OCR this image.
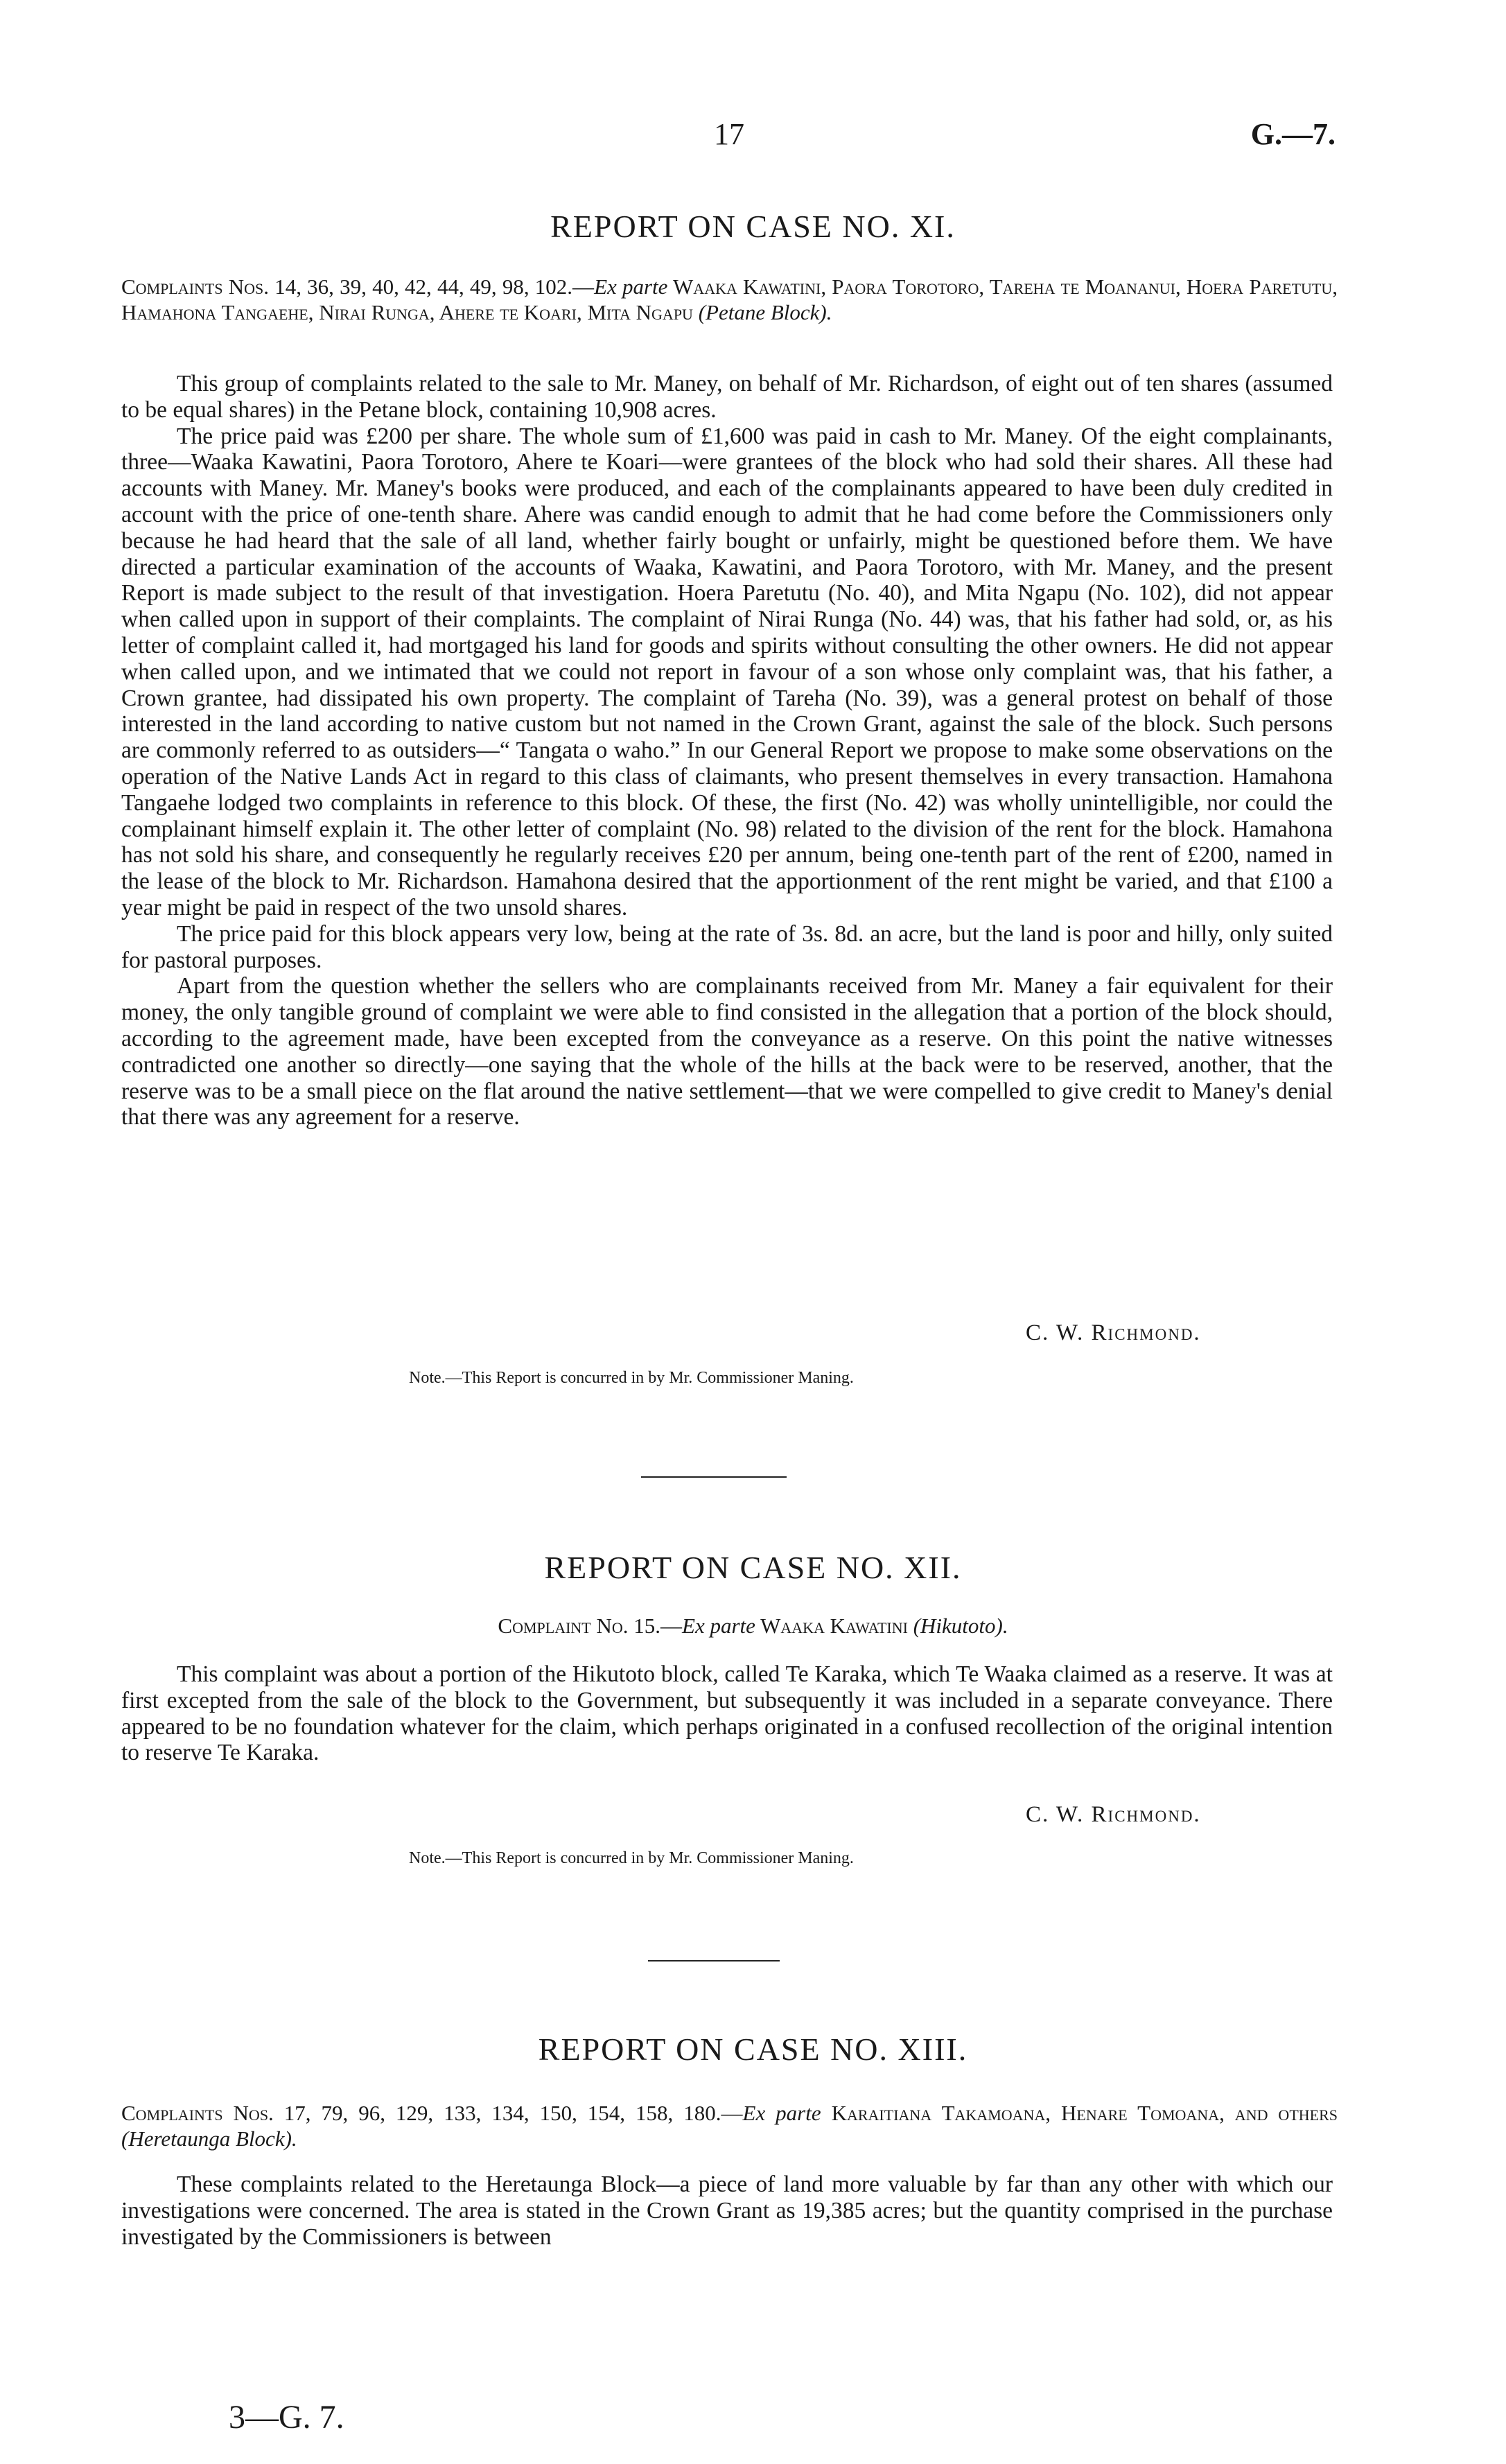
17	G.—7.
REPORT ON CASE NO. XI.
Complaints Nos. 14, 36, 39, 40, 42, 44, 49, 98, 102.—Ex parte Waaka Kawatini, Paora Torotoro, Tareha te Moananui, Hoera Paretutu, Hamahona Tangaehe, Nirai Runga, Ahere te Koari, Mita Ngapu (Petane Block).

This group of complaints related to the sale to Mr. Maney, on behalf of Mr. Richardson, of eight out of ten shares (assumed to be equal shares) in the Petane block, containing 10,908 acres.

The price paid was £200 per share. The whole sum of £1,600 was paid in cash to Mr. Maney. Of the eight complainants, three—Waaka Kawatini, Paora Torotoro, Ahere te Koari—were grantees of the block who had sold their shares. All these had accounts with Maney. Mr. Maney's books were produced, and each of the complainants appeared to have been duly credited in account with the price of one-tenth share. Ahere was candid enough to admit that he had come before the Commissioners only because he had heard that the sale of all land, whether fairly bought or unfairly, might be questioned before them. We have directed a particular examination of the accounts of Waaka, Kawatini, and Paora Torotoro, with Mr. Maney, and the present Report is made subject to the result of that investigation. Hoera Paretutu (No. 40), and Mita Ngapu (No. 102), did not appear when called upon in support of their complaints. The complaint of Nirai Runga (No. 44) was, that his father had sold, or, as his letter of complaint called it, had mortgaged his land for goods and spirits without consulting the other owners. He did not appear when called upon, and we intimated that we could not report in favour of a son whose only complaint was, that his father, a Crown grantee, had dissipated his own property. The complaint of Tareha (No. 39), was a general protest on behalf of those interested in the land according to native custom but not named in the Crown Grant, against the sale of the block. Such persons are commonly referred to as outsiders—“ Tangata o waho.” In our General Report we propose to make some observations on the operation of the Native Lands Act in regard to this class of claimants, who present themselves in every transaction. Hamahona Tangaehe lodged two complaints in reference to this block. Of these, the first (No. 42) was wholly unintelligible, nor could the complainant himself explain it. The other letter of complaint (No. 98) related to the division of the rent for the block. Hamahona has not sold his share, and consequently he regularly receives £20 per annum, being one-tenth part of the rent of £200, named in the lease of the block to Mr. Richardson. Hamahona desired that the apportionment of the rent might be varied, and that £100 a year might be paid in respect of the two unsold shares.

The price paid for this block appears very low, being at the rate of 3s. 8d. an acre, but the land is poor and hilly, only suited for pastoral purposes.

Apart from the question whether the sellers who are complainants received from Mr. Maney a fair equivalent for their money, the only tangible ground of complaint we were able to find consisted in the allegation that a portion of the block should, according to the agreement made, have been excepted from the conveyance as a reserve. On this point the native witnesses contradicted one another so directly—one saying that the whole of the hills at the back were to be reserved, another, that the reserve was to be a small piece on the flat around the native settlement—that we were compelled to give credit to Maney's denial that there was any agreement for a reserve.

C. W. Richmond.
Note.—This Report is concurred in by Mr. Commissioner Maning.
REPORT ON CASE NO. XII.
Complaint No. 15.—Ex parte Waaka Kawatini (Hikutoto).

This complaint was about a portion of the Hikutoto block, called Te Karaka, which Te Waaka claimed as a reserve. It was at first excepted from the sale of the block to the Government, but subsequently it was included in a separate conveyance. There appeared to be no foundation whatever for the claim, which perhaps originated in a confused recollection of the original intention to reserve Te Karaka.

C. W. Richmond.
Note.—This Report is concurred in by Mr. Commissioner Maning.
REPORT ON CASE NO. XIII.
Complaints Nos. 17, 79, 96, 129, 133, 134, 150, 154, 158, 180.—Ex parte Karaitiana Takamoana, Henare Tomoana, and others (Heretaunga Block).

These complaints related to the Heretaunga Block—a piece of land more valuable by far than any other with which our investigations were concerned. The area is stated in the Crown Grant as 19,385 acres; but the quantity comprised in the purchase investigated by the Commissioners is between

3—G. 7.
